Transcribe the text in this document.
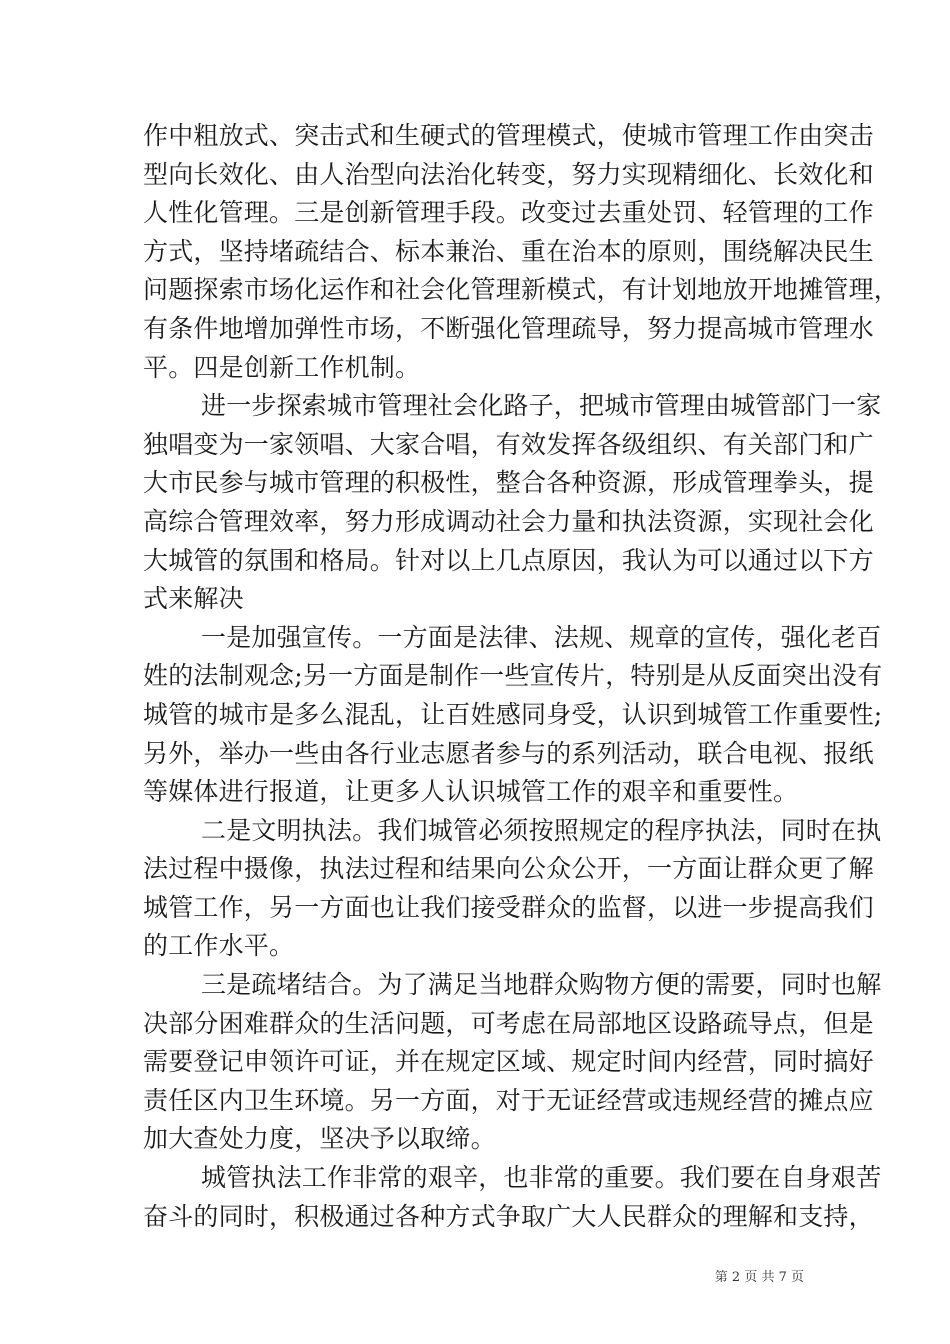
作中粗放式、突击式和生硬式的管理模式，使城市管理工作由突击
型向长效化、由人治型向法治化转变，努力实现精细化、长效化和
人性化管理。三是创新管理手段。改变过去重处罚、轻管理的工作
方式，坚持堵疏结合、标本兼治、重在治本的原则，围绕解决民生
问题探索市场化运作和社会化管理新模式，有计划地放开地摊管理，
有条件地增加弹性市场，不断强化管理疏导，努力提高城市管理水
平。四是创新工作机制。
进一步探索城市管理社会化路子，把城市管理由城管部门一家
独唱变为一家领唱、大家合唱，有效发挥各级组织、有关部门和广
大市民参与城市管理的积极性，整合各种资源，形成管理拳头，提
高综合管理效率，努力形成调动社会力量和执法资源，实现社会化
大城管的氛围和格局。针对以上几点原因，我认为可以通过以下方
式来解决
一是加强宣传。一方面是法律、法规、规章的宣传，强化老百
姓的法制观念;另一方面是制作一些宣传片，特别是从反面突出没有
城管的城市是多么混乱，让百姓感同身受，认识到城管工作重要性;
另外，举办一些由各行业志愿者参与的系列活动，联合电视、报纸
等媒体进行报道，让更多人认识城管工作的艰辛和重要性。
二是文明执法。我们城管必须按照规定的程序执法，同时在执
法过程中摄像，执法过程和结果向公众公开，一方面让群众更了解
城管工作，另一方面也让我们接受群众的监督，以进一步提高我们
的工作水平。
三是疏堵结合。为了满足当地群众购物方便的需要，同时也解
决部分困难群众的生活问题，可考虑在局部地区设路疏导点，但是
需要登记申领许可证，并在规定区域、规定时间内经营，同时搞好
责任区内卫生环境。另一方面，对于无证经营或违规经营的摊点应
加大查处力度，坚决予以取缔。
城管执法工作非常的艰辛，也非常的重要。我们要在自身艰苦
奋斗的同时，积极通过各种方式争取广大人民群众的理解和支持，
第 2 页 共 7 页
